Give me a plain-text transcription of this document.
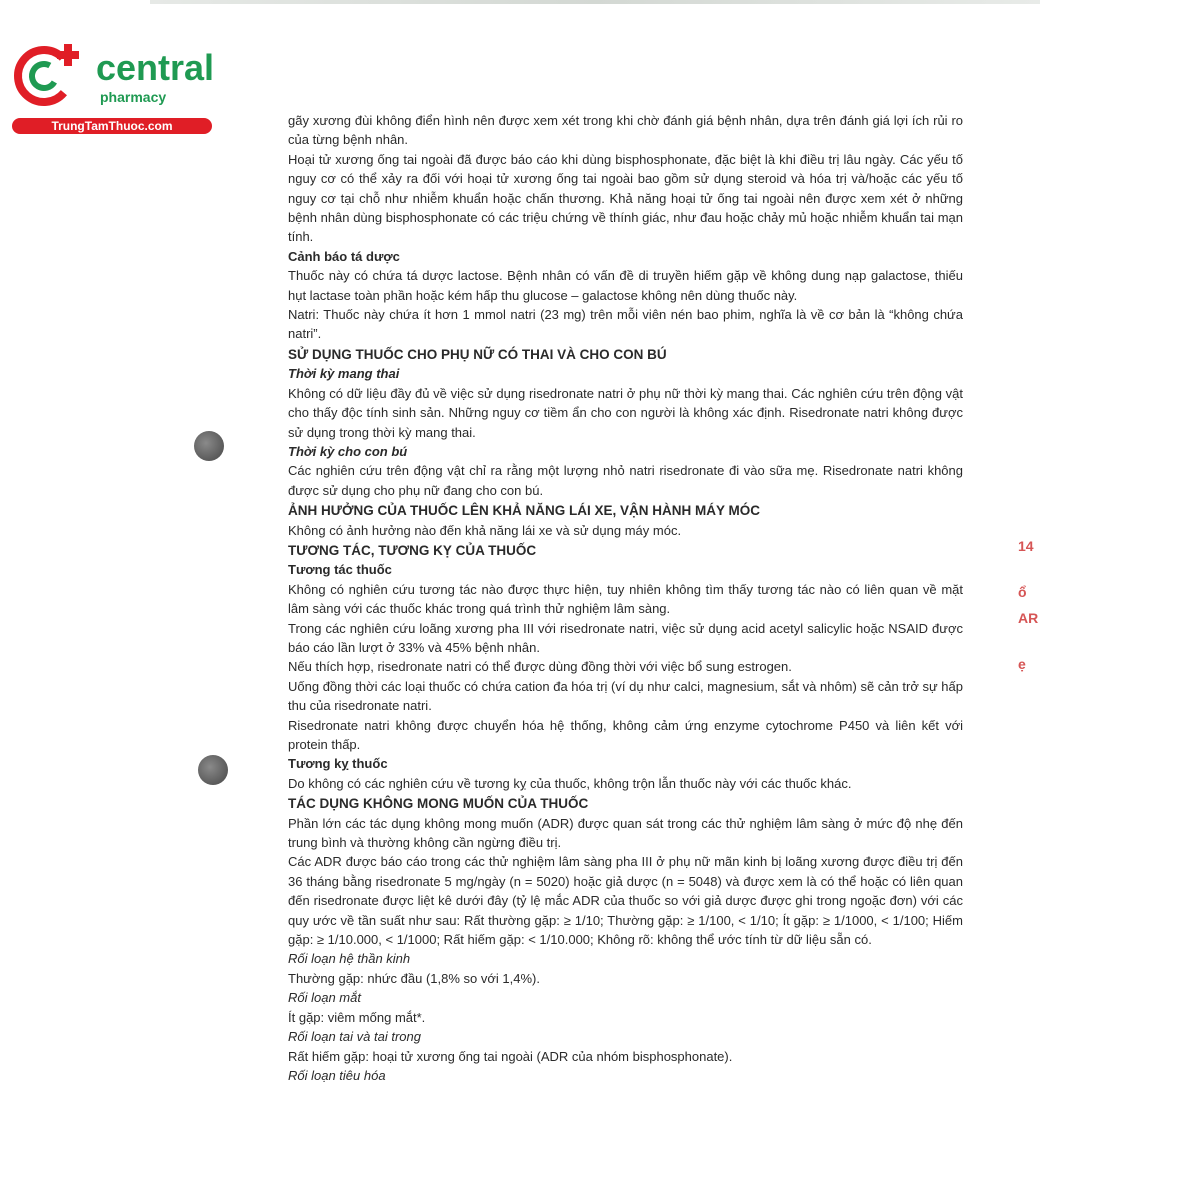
central
pharmacy
TrungTamThuoc.com
14
ổ
AR
ẹ

gãy xương đùi không điển hình nên được xem xét trong khi chờ đánh giá bệnh nhân, dựa trên đánh giá lợi ích rủi ro của từng bệnh nhân.

Hoại tử xương ống tai ngoài đã được báo cáo khi dùng bisphosphonate, đặc biệt là khi điều trị lâu ngày. Các yếu tố nguy cơ có thể xảy ra đối với hoại tử xương ống tai ngoài bao gồm sử dụng steroid và hóa trị và/hoặc các yếu tố nguy cơ tại chỗ như nhiễm khuẩn hoặc chấn thương. Khả năng hoại tử ống tai ngoài nên được xem xét ở những bệnh nhân dùng bisphosphonate có các triệu chứng về thính giác, như đau hoặc chảy mủ hoặc nhiễm khuẩn tai mạn tính.

Cảnh báo tá dược

Thuốc này có chứa tá dược lactose. Bệnh nhân có vấn đề di truyền hiếm gặp về không dung nạp galactose, thiếu hụt lactase toàn phần hoặc kém hấp thu glucose – galactose không nên dùng thuốc này.

Natri: Thuốc này chứa ít hơn 1 mmol natri (23 mg) trên mỗi viên nén bao phim, nghĩa là về cơ bản là “không chứa natri”.

SỬ DỤNG THUỐC CHO PHỤ NỮ CÓ THAI VÀ CHO CON BÚ

Thời kỳ mang thai

Không có dữ liệu đầy đủ về việc sử dụng risedronate natri ở phụ nữ thời kỳ mang thai. Các nghiên cứu trên động vật cho thấy độc tính sinh sản. Những nguy cơ tiềm ẩn cho con người là không xác định. Risedronate natri không được sử dụng trong thời kỳ mang thai.

Thời kỳ cho con bú

Các nghiên cứu trên động vật chỉ ra rằng một lượng nhỏ natri risedronate đi vào sữa mẹ. Risedronate natri không được sử dụng cho phụ nữ đang cho con bú.

ẢNH HƯỞNG CỦA THUỐC LÊN KHẢ NĂNG LÁI XE, VẬN HÀNH MÁY MÓC

Không có ảnh hưởng nào đến khả năng lái xe và sử dụng máy móc.

TƯƠNG TÁC, TƯƠNG KỴ CỦA THUỐC

Tương tác thuốc

Không có nghiên cứu tương tác nào được thực hiện, tuy nhiên không tìm thấy tương tác nào có liên quan về mặt lâm sàng với các thuốc khác trong quá trình thử nghiệm lâm sàng.

Trong các nghiên cứu loãng xương pha III với risedronate natri, việc sử dụng acid acetyl salicylic hoặc NSAID được báo cáo lần lượt ở 33% và 45% bệnh nhân.

Nếu thích hợp, risedronate natri có thể được dùng đồng thời với việc bổ sung estrogen.

Uống đồng thời các loại thuốc có chứa cation đa hóa trị (ví dụ như calci, magnesium, sắt và nhôm) sẽ cản trở sự hấp thu của risedronate natri.

Risedronate natri không được chuyển hóa hệ thống, không cảm ứng enzyme cytochrome P450 và liên kết với protein thấp.

Tương kỵ thuốc

Do không có các nghiên cứu về tương kỵ của thuốc, không trộn lẫn thuốc này với các thuốc khác.

TÁC DỤNG KHÔNG MONG MUỐN CỦA THUỐC

Phần lớn các tác dụng không mong muốn (ADR) được quan sát trong các thử nghiệm lâm sàng ở mức độ nhẹ đến trung bình và thường không cần ngừng điều trị.

Các ADR được báo cáo trong các thử nghiệm lâm sàng pha III ở phụ nữ mãn kinh bị loãng xương được điều trị đến 36 tháng bằng risedronate 5 mg/ngày (n = 5020) hoặc giả dược (n = 5048) và được xem là có thể hoặc có liên quan đến risedronate được liệt kê dưới đây (tỷ lệ mắc ADR của thuốc so với giả dược được ghi trong ngoặc đơn) với các quy ước về tần suất như sau: Rất thường gặp: ≥ 1/10; Thường gặp: ≥ 1/100, < 1/10; Ít gặp: ≥ 1/1000, < 1/100; Hiếm gặp: ≥ 1/10.000, < 1/1000; Rất hiếm gặp: < 1/10.000; Không rõ: không thể ước tính từ dữ liệu sẵn có.

Rối loạn hệ thần kinh

Thường gặp: nhức đầu (1,8% so với 1,4%).

Rối loạn mắt

Ít gặp: viêm mống mắt*.

Rối loạn tai và tai trong

Rất hiếm gặp: hoại tử xương ống tai ngoài (ADR của nhóm bisphosphonate).

Rối loạn tiêu hóa
